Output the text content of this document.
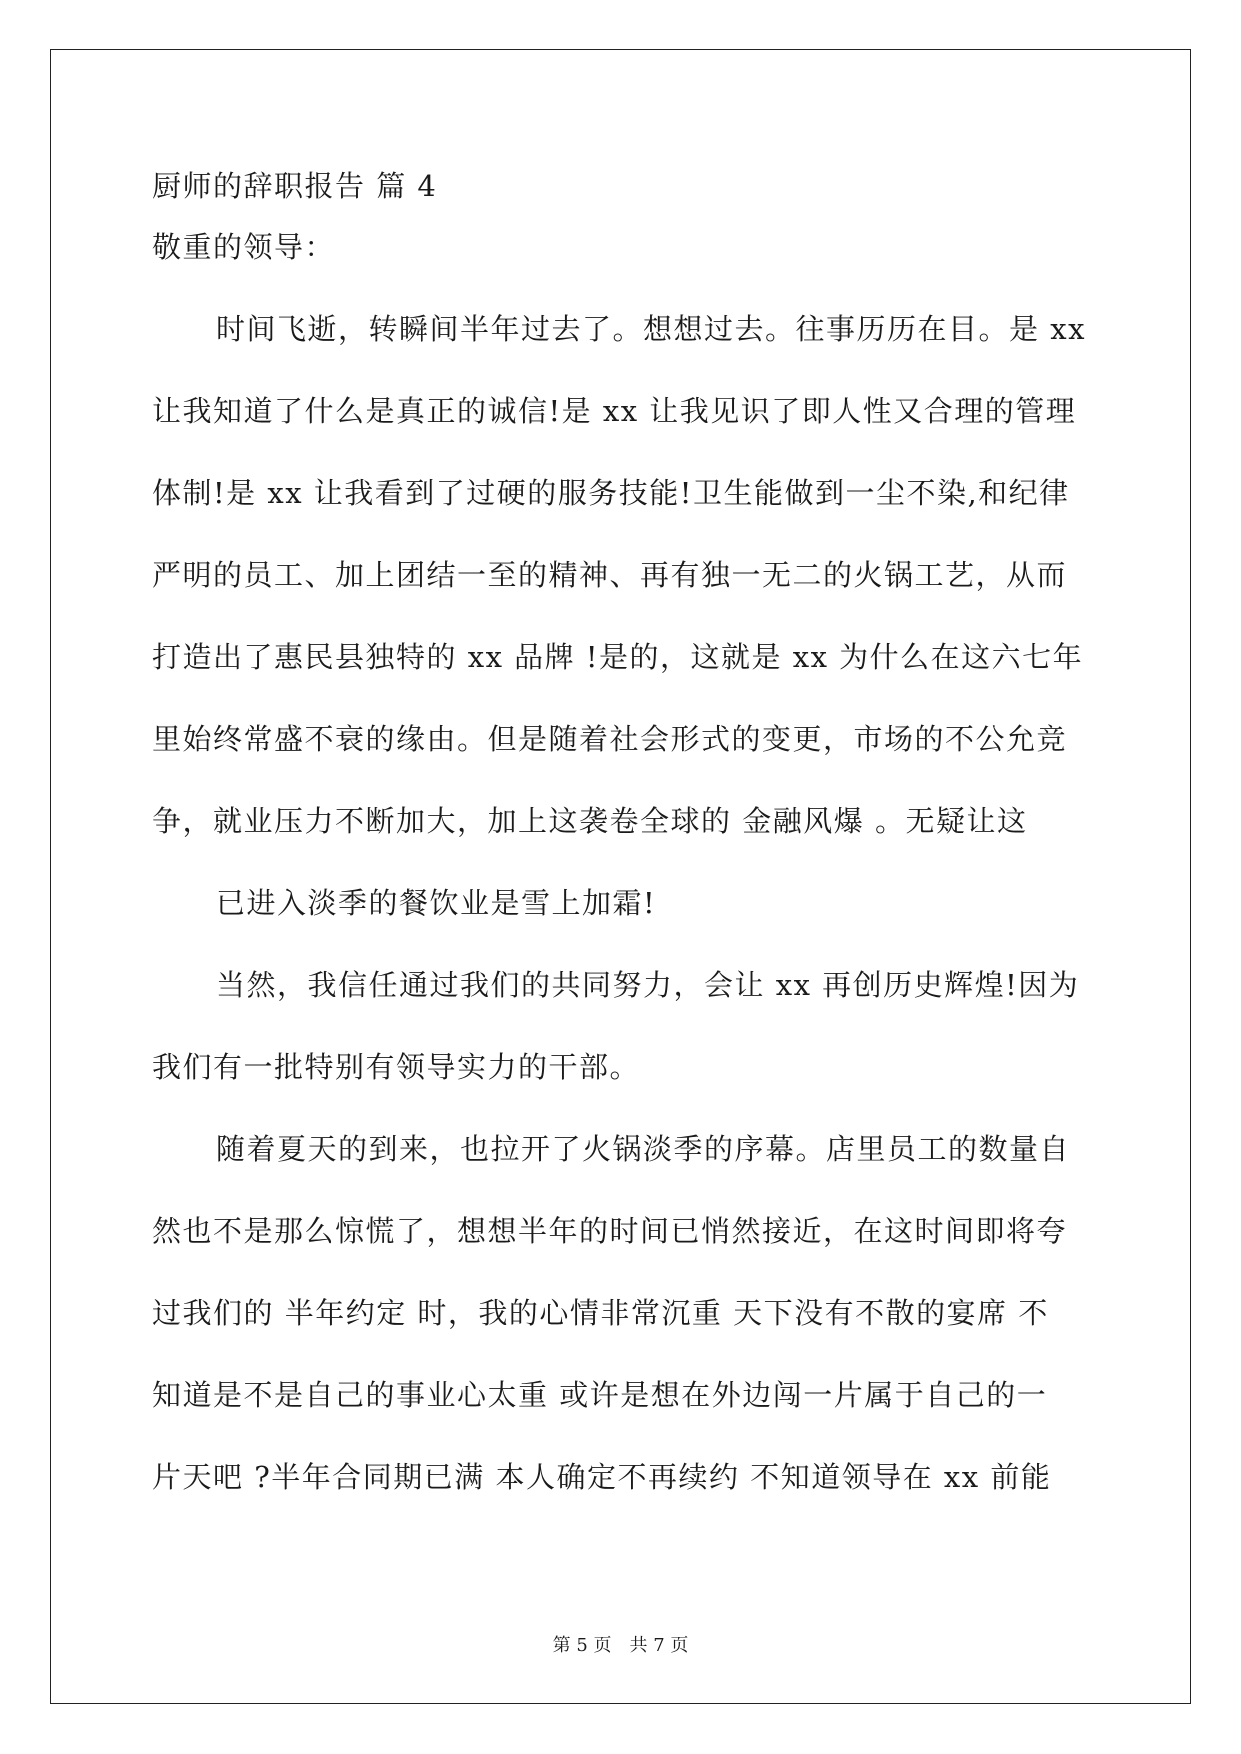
厨师的辞职报告 篇 4
敬重的领导：
时间飞逝，转瞬间半年过去了。想想过去。往事历历在目。是 xx
让我知道了什么是真正的诚信!是 xx 让我见识了即人性又合理的管理
体制!是 xx 让我看到了过硬的服务技能!卫生能做到一尘不染,和纪律
严明的员工、加上团结一至的精神、再有独一无二的火锅工艺，从而
打造出了惠民县独特的 xx 品牌 !是的，这就是 xx 为什么在这六七年
里始终常盛不衰的缘由。但是随着社会形式的变更，市场的不公允竞
争，就业压力不断加大，加上这袭卷全球的 金融风爆 。无疑让这
已进入淡季的餐饮业是雪上加霜!
当然，我信任通过我们的共同努力，会让 xx 再创历史辉煌!因为
我们有一批特别有领导实力的干部。
随着夏天的到来，也拉开了火锅淡季的序幕。店里员工的数量自
然也不是那么惊慌了，想想半年的时间已悄然接近，在这时间即将夸
过我们的 半年约定 时，我的心情非常沉重 天下没有不散的宴席 不
知道是不是自己的事业心太重 或许是想在外边闯一片属于自己的一
片天吧 ?半年合同期已满 本人确定不再续约 不知道领导在 xx 前能
第 5 页　共 7 页
